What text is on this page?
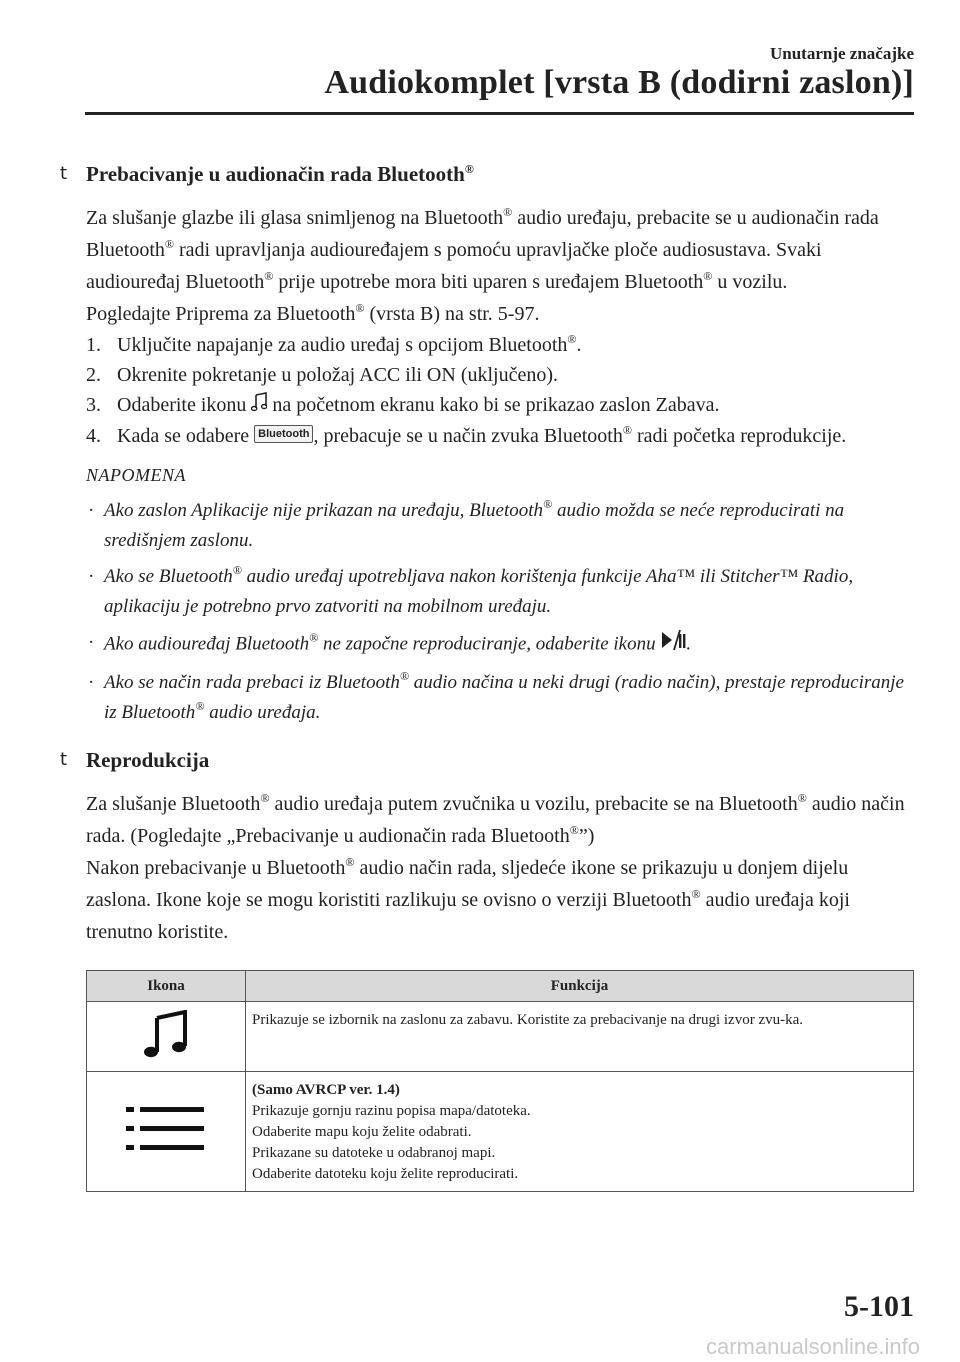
Unutarnje značajke
Audiokomplet [vrsta B (dodirni zaslon)]
t Prebacivanje u audionačin rada Bluetooth®

Za slušanje glazbe ili glasa snimljenog na Bluetooth® audio uređaju, prebacite se u audionačin rada Bluetooth® radi upravljanja audiouređajem s pomoću upravljačke ploče audiosustava. Svaki audiouređaj Bluetooth® prije upotrebe mora biti uparen s uređajem Bluetooth® u vozilu.

Pogledajte Priprema za Bluetooth® (vrsta B) na str. 5-97.

1. Uključite napajanje za audio uređaj s opcijom Bluetooth®.
2. Okrenite pokretanje u položaj ACC ili ON (uključeno).
3. Odaberite ikonu  na početnom ekranu kako bi se prikazao zaslon Zabava.
4. Kada se odabere Bluetooth , prebacuje se u način zvuka Bluetooth® radi početka reprodukcije.
NAPOMENA
· Ako zaslon Aplikacije nije prikazan na uređaju, Bluetooth® audio možda se neće reproducirati na središnjem zaslonu.
· Ako se Bluetooth® audio uređaj upotrebljava nakon korištenja funkcije Aha™ ili Stitcher™ Radio, aplikaciju je potrebno prvo zatvoriti na mobilnom uređaju.
· Ako audiouređaj Bluetooth® ne započne reproduciranje, odaberite ikonu .
· Ako se način rada prebaci iz Bluetooth® audio načina u neki drugi (radio način), prestaje reproduciranje iz Bluetooth® audio uređaja.
t Reprodukcija

Za slušanje Bluetooth® audio uređaja putem zvučnika u vozilu, prebacite se na Bluetooth® audio način rada. (Pogledajte „Prebacivanje u audionačin rada Bluetooth®”)

Nakon prebacivanje u Bluetooth® audio način rada, sljedeće ikone se prikazuju u donjem dijelu zaslona. Ikone koje se mogu koristiti razlikuju se ovisno o verziji Bluetooth® audio uređaja koji trenutno koristite.

Ikona	Funkcija
	Prikazuje se izbornik na zaslonu za zabavu. Koristite za prebacivanje na drugi izvor zvu-ka.

(Samo AVRCP ver. 1.4)
Prikazuje gornju razinu popisa mapa/datoteka.
Odaberite mapu koju želite odabrati.
Prikazane su datoteke u odabranoj mapi.
Odaberite datoteku koju želite reproducirati.
5-101
carmanualsonline.info
